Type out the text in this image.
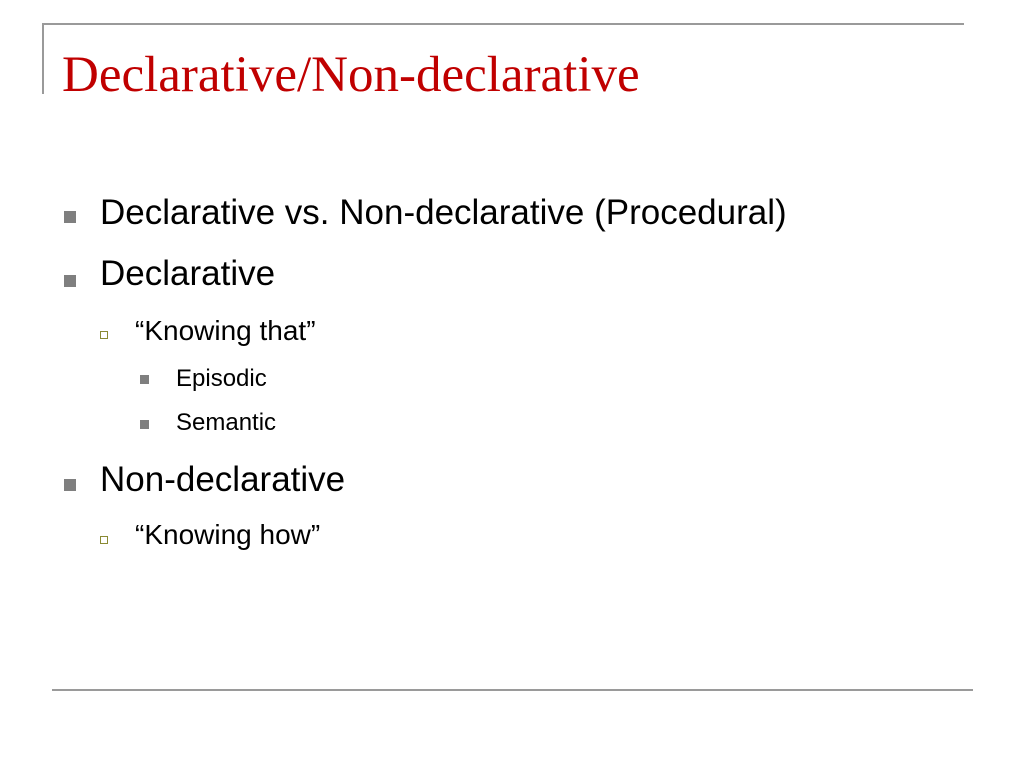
Declarative/Non-declarative
Declarative vs. Non-declarative (Procedural)
Declarative
“Knowing that”
Episodic
Semantic
Non-declarative
“Knowing how”
